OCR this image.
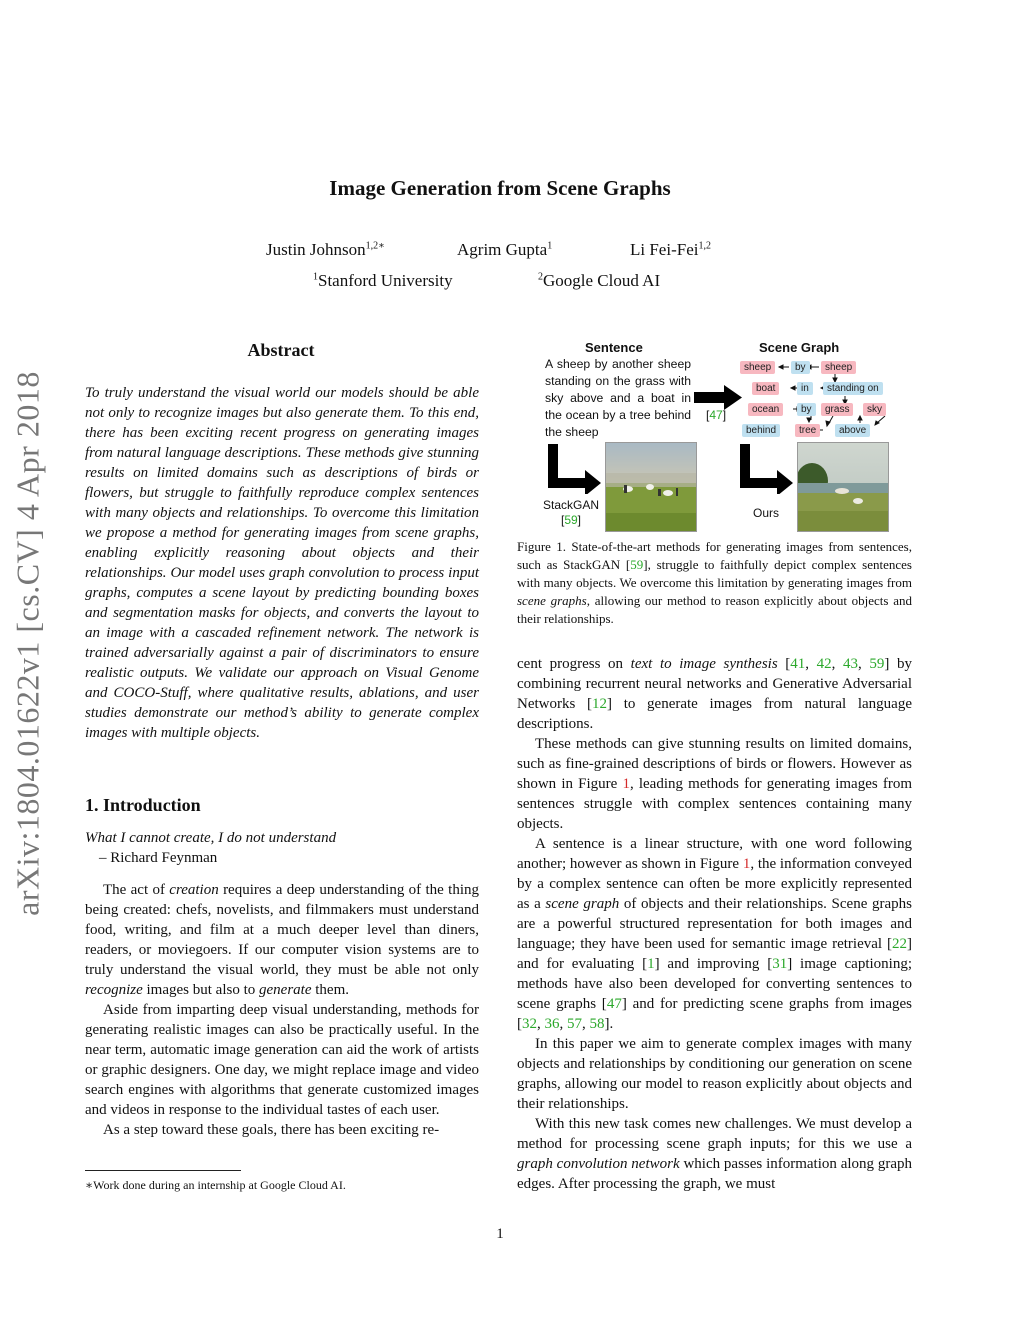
Image Generation from Scene Graphs
Justin Johnson$^{1,2∗}$	Agrim Gupta$^1$	Li Fei-Fei$^{1,2}$
$^1$Stanford University	$^2$Google Cloud AI
arXiv:1804.01622v1 [cs.CV] 4 Apr 2018
Abstract
To truly understand the visual world our models should be able not only to recognize images but also generate them. To this end, there has been exciting recent progress on generating images from natural language descriptions. These methods give stunning results on limited domains such as descriptions of birds or flowers, but struggle to faithfully reproduce complex sentences with many objects and relationships. To overcome this limitation we propose a method for generating images from scene graphs, enabling explicitly reasoning about objects and their relationships. Our model uses graph convolution to process input graphs, computes a scene layout by predicting bounding boxes and segmentation masks for objects, and converts the layout to an image with a cascaded refinement network. The network is trained adversarially against a pair of discriminators to ensure realistic outputs. We validate our approach on Visual Genome and COCO-Stuff, where qualitative results, ablations, and user studies demonstrate our method’s ability to generate complex images with multiple objects.
1. Introduction
What I cannot create, I do not understand
– Richard Feynman

The act of creation requires a deep understanding of the thing being created: chefs, novelists, and filmmakers must understand food, writing, and film at a much deeper level than diners, readers, or moviegoers. If our computer vision systems are to truly understand the visual world, they must be able not only recognize images but also to generate them.

Aside from imparting deep visual understanding, methods for generating realistic images can also be practically useful. In the near term, automatic image generation can aid the work of artists or graphic designers. One day, we might replace image and video search engines with algorithms that generate customized images and videos in response to the individual tastes of each user.

As a step toward these goals, there has been exciting re-

∗Work done during an internship at Google Cloud AI.
Sentence	Scene Graph
A sheep by another sheep standing on the grass with sky above and a boat in the ocean by a tree behind the sheep
[47]
sheep	by	sheep
boat	in	standing on
ocean	by	grass	sky
behind	tree	above
StackGAN
[59]	Ours
Figure 1. State-of-the-art methods for generating images from sentences, such as StackGAN [59], struggle to faithfully depict complex sentences with many objects. We overcome this limitation by generating images from scene graphs, allowing our method to reason explicitly about objects and their relationships.

cent progress on text to image synthesis [41, 42, 43, 59] by combining recurrent neural networks and Generative Adversarial Networks [12] to generate images from natural language descriptions.

These methods can give stunning results on limited domains, such as fine-grained descriptions of birds or flowers. However as shown in Figure 1, leading methods for generating images from sentences struggle with complex sentences containing many objects.

A sentence is a linear structure, with one word following another; however as shown in Figure 1, the information conveyed by a complex sentence can often be more explicitly represented as a scene graph of objects and their relationships. Scene graphs are a powerful structured representation for both images and language; they have been used for semantic image retrieval [22] and for evaluating [1] and improving [31] image captioning; methods have also been developed for converting sentences to scene graphs [47] and for predicting scene graphs from images [32, 36, 57, 58].

In this paper we aim to generate complex images with many objects and relationships by conditioning our generation on scene graphs, allowing our model to reason explicitly about objects and their relationships.

With this new task comes new challenges. We must develop a method for processing scene graph inputs; for this we use a graph convolution network which passes information along graph edges. After processing the graph, we must

1
